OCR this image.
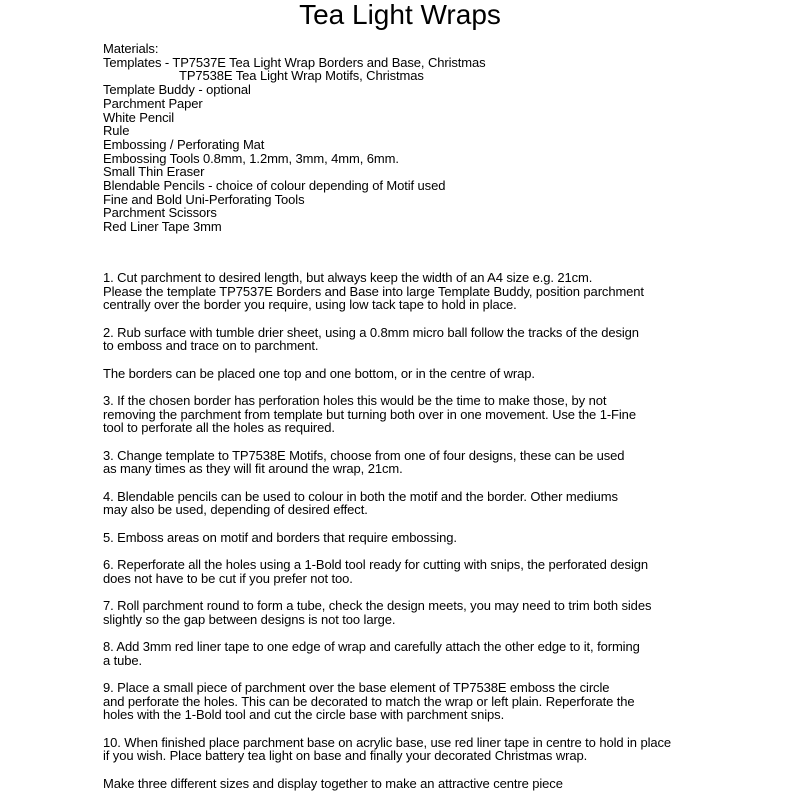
Tea Light Wraps
Materials:
Templates - TP7537E Tea Light Wrap Borders and Base, Christmas
TP7538E Tea Light Wrap Motifs, Christmas
Template Buddy - optional
Parchment Paper
White Pencil
Rule
Embossing / Perforating Mat
Embossing Tools 0.8mm, 1.2mm, 3mm, 4mm, 6mm.
Small Thin Eraser
Blendable Pencils - choice of colour depending of Motif used
Fine and Bold Uni-Perforating Tools
Parchment Scissors
Red Liner Tape 3mm
1. Cut parchment to desired length, but always keep the width of an A4 size e.g. 21cm.
Please the template TP7537E Borders and Base into large Template Buddy, position parchment
centrally over the border you require, using low tack tape to hold in place.
2. Rub surface with tumble drier sheet, using a 0.8mm micro ball follow the tracks of the design
to emboss and trace on to parchment.
The borders can be placed one top and one bottom, or in the centre of wrap.
3. If the chosen border has perforation holes this would be the time to make those, by not
removing the parchment from template but turning both over in one movement. Use the 1-Fine
tool to perforate all the holes as required.
3. Change template to TP7538E Motifs, choose from one of four designs, these can be used
as many times as they will fit around the wrap, 21cm.
4. Blendable pencils can be used to colour in both the motif and the border. Other mediums
may also be used, depending of desired effect.
5. Emboss areas on motif and borders that require embossing.
6. Reperforate all the holes using a 1-Bold tool ready for cutting with snips, the perforated design
does not have to be cut if you prefer not too.
7. Roll parchment round to form a tube, check the design meets, you may need to trim both sides
slightly so the gap between designs is not too large.
8. Add 3mm red liner tape to one edge of wrap and carefully attach the other edge to it, forming
a tube.
9. Place a small piece of parchment over the base element of TP7538E emboss the circle
and perforate the holes. This can be decorated to match the wrap or left plain. Reperforate the
holes with the 1-Bold tool and cut the circle base with parchment snips.
10. When finished place parchment base on acrylic base, use red liner tape in centre to hold in place
if you wish. Place battery tea light on base and finally your decorated Christmas wrap.
Make three different sizes and display together to make an attractive centre piece
